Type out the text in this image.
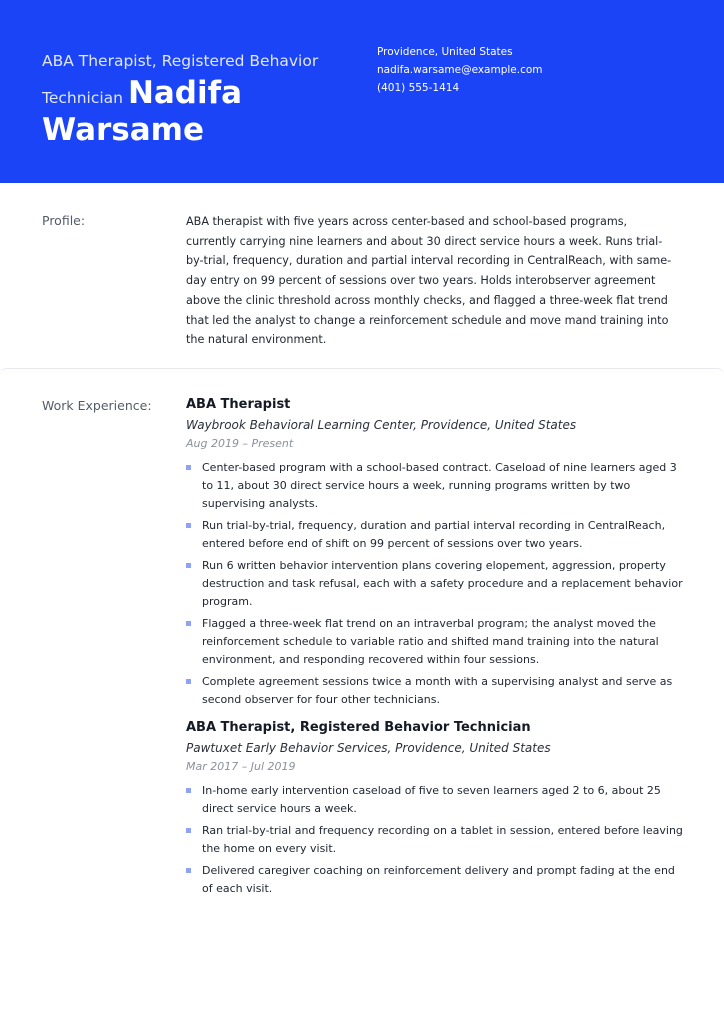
ABA Therapist, Registered Behavior Technician Nadifa Warsame
Providence, United States
nadifa.warsame@example.com
(401) 555-1414
Profile:	ABA therapist with five years across center-based and school-based programs, currently carrying nine learners and about 30 direct service hours a week. Runs trial-by-trial, frequency, duration and partial interval recording in CentralReach, with same-day entry on 99 percent of sessions over two years. Holds interobserver agreement above the clinic threshold across monthly checks, and flagged a three-week flat trend that led the analyst to change a reinforcement schedule and move mand training into the natural environment.
Work Experience:	ABA Therapist
Waybrook Behavioral Learning Center, Providence, United States
Aug 2019 – Present
Center-based program with a school-based contract. Caseload of nine learners aged 3 to 11, about 30 direct service hours a week, running programs written by two supervising analysts.
Run trial-by-trial, frequency, duration and partial interval recording in CentralReach, entered before end of shift on 99 percent of sessions over two years.
Run 6 written behavior intervention plans covering elopement, aggression, property destruction and task refusal, each with a safety procedure and a replacement behavior program.
Flagged a three-week flat trend on an intraverbal program; the analyst moved the reinforcement schedule to variable ratio and shifted mand training into the natural environment, and responding recovered within four sessions.
Complete agreement sessions twice a month with a supervising analyst and serve as second observer for four other technicians.
ABA Therapist, Registered Behavior Technician
Pawtuxet Early Behavior Services, Providence, United States
Mar 2017 – Jul 2019
In-home early intervention caseload of five to seven learners aged 2 to 6, about 25 direct service hours a week.
Ran trial-by-trial and frequency recording on a tablet in session, entered before leaving the home on every visit.
Delivered caregiver coaching on reinforcement delivery and prompt fading at the end of each visit.
